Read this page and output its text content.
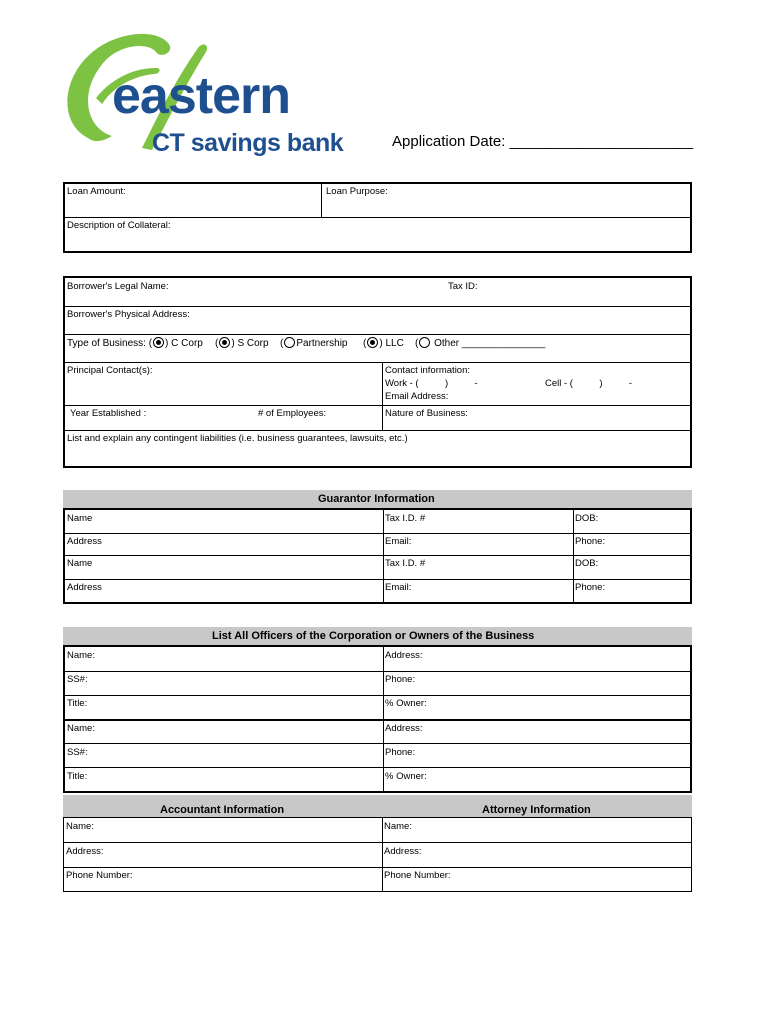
eastern
CT savings bank	Application Date: ______________________
Loan Amount:	Loan Purpose:
Description of Collateral:
Borrower's Legal Name:	Tax ID:
Borrower's Physical Address:
Type of Business: ( ) C Corp ( ) S Corp ( Partnership ( ) LLC ( Other _______________
Principal Contact(s):	Contact information:
Work - (          )          -	Cell - (          )          -
Email Address:
Year Established :	# of Employees:	Nature of Business:
List and explain any contingent liabilities (i.e. business guarantees, lawsuits, etc.)
Guarantor Information
Name	Tax I.D. #	DOB:
Address	Email:	Phone:
Name	Tax I.D. #	DOB:
Address	Email:	Phone:
List All Officers of the Corporation or Owners of the Business
Name:	Address:
SS#:	Phone:
Title:	% Owner:
Name:	Address:
SS#:	Phone:
Title:	% Owner:
Accountant Information	Attorney Information
Name:	Name:
Address:	Address:
Phone Number:	Phone Number:
